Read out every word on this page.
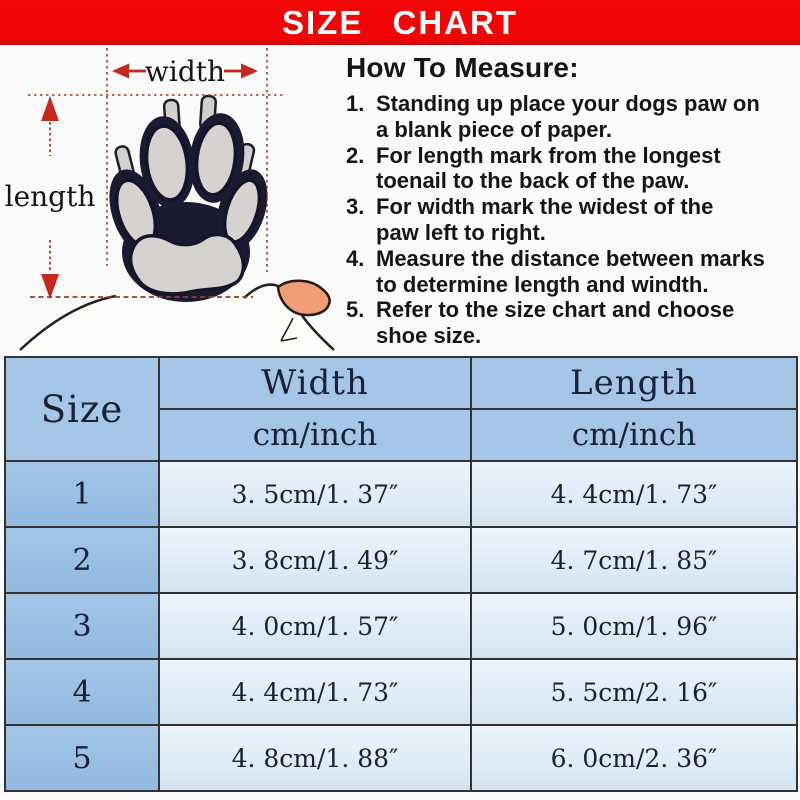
SIZE CHART
width
length
How To Measure:
1. Standing up place your dogs paw on
a blank piece of paper.
2. For length mark from the longest
toenail to the back of the paw.
3. For width mark the widest of the
paw left to right.
4. Measure the distance between marks
to determine length and windth.
5. Refer to the size chart and choose
shoe size.
Size	Width	Length
	cm/inch	cm/inch
1	3. 5cm/1. 37″	4. 4cm/1. 73″
2	3. 8cm/1. 49″	4. 7cm/1. 85″
3	4. 0cm/1. 57″	5. 0cm/1. 96″
4	4. 4cm/1. 73″	5. 5cm/2. 16″
5	4. 8cm/1. 88″	6. 0cm/2. 36″
